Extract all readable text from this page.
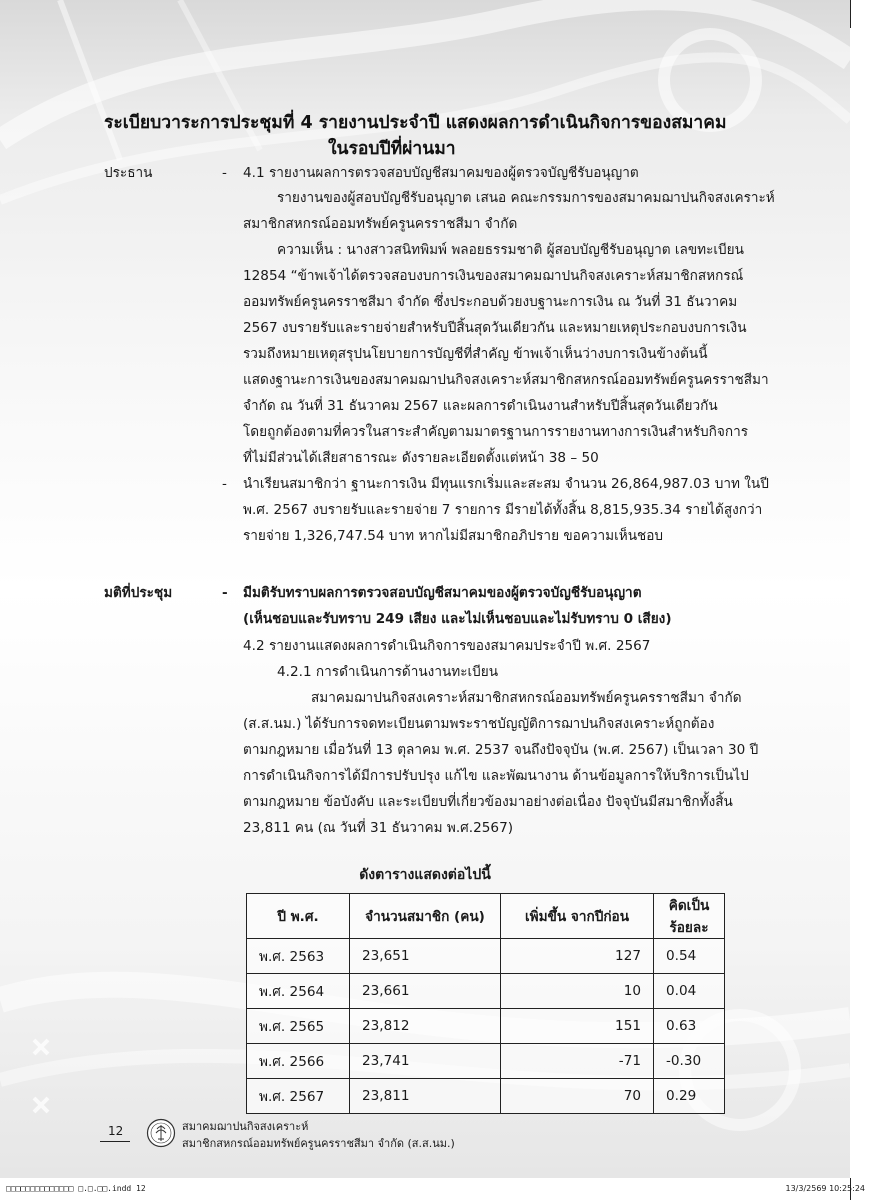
ระเบียบวาระการประชุมที่ 4 รายงานประจำปี แสดงผลการดำเนินกิจการของสมาคม
ในรอบปีที่ผ่านมา
ประธาน	- 4.1 รายงานผลการตรวจสอบบัญชีสมาคมของผู้ตรวจบัญชีรับอนุญาต
รายงานของผู้สอบบัญชีรับอนุญาต เสนอ คณะกรรมการของสมาคมฌาปนกิจสงเคราะห์
สมาชิกสหกรณ์ออมทรัพย์ครูนครราชสีมา จำกัด
ความเห็น : นางสาวสนิทพิมพ์ พลอยธรรมชาติ ผู้สอบบัญชีรับอนุญาต เลขทะเบียน
12854 “ข้าพเจ้าได้ตรวจสอบงบการเงินของสมาคมฌาปนกิจสงเคราะห์สมาชิกสหกรณ์
ออมทรัพย์ครูนครราชสีมา จำกัด ซึ่งประกอบด้วยงบฐานะการเงิน ณ วันที่ 31 ธันวาคม
2567 งบรายรับและรายจ่ายสำหรับปีสิ้นสุดวันเดียวกัน และหมายเหตุประกอบงบการเงิน
รวมถึงหมายเหตุสรุปนโยบายการบัญชีที่สำคัญ ข้าพเจ้าเห็นว่างบการเงินข้างต้นนี้
แสดงฐานะการเงินของสมาคมฌาปนกิจสงเคราะห์สมาชิกสหกรณ์ออมทรัพย์ครูนครราชสีมา
จำกัด ณ วันที่ 31 ธันวาคม 2567 และผลการดำเนินงานสำหรับปีสิ้นสุดวันเดียวกัน
โดยถูกต้องตามที่ควรในสาระสำคัญตามมาตรฐานการรายงานทางการเงินสำหรับกิจการ
ที่ไม่มีส่วนได้เสียสาธารณะ ดังรายละเอียดตั้งแต่หน้า 38 – 50
- นำเรียนสมาชิกว่า ฐานะการเงิน มีทุนแรกเริ่มและสะสม จำนวน 26,864,987.03 บาท ในปี
พ.ศ. 2567 งบรายรับและรายจ่าย 7 รายการ มีรายได้ทั้งสิ้น 8,815,935.34 รายได้สูงกว่า
รายจ่าย 1,326,747.54 บาท หากไม่มีสมาชิกอภิปราย ขอความเห็นชอบ
มติที่ประชุม	- มีมติรับทราบผลการตรวจสอบบัญชีสมาคมของผู้ตรวจบัญชีรับอนุญาต
(เห็นชอบและรับทราบ 249 เสียง และไม่เห็นชอบและไม่รับทราบ 0 เสียง)
4.2 รายงานแสดงผลการดำเนินกิจการของสมาคมประจำปี พ.ศ. 2567
4.2.1 การดำเนินการด้านงานทะเบียน
สมาคมฌาปนกิจสงเคราะห์สมาชิกสหกรณ์ออมทรัพย์ครูนครราชสีมา จำกัด
(ส.ส.นม.) ได้รับการจดทะเบียนตามพระราชบัญญัติการฌาปนกิจสงเคราะห์ถูกต้อง
ตามกฎหมาย เมื่อวันที่ 13 ตุลาคม พ.ศ. 2537 จนถึงปัจจุบัน (พ.ศ. 2567) เป็นเวลา 30 ปี
การดำเนินกิจการได้มีการปรับปรุง แก้ไข และพัฒนางาน ด้านข้อมูลการให้บริการเป็นไป
ตามกฎหมาย ข้อบังคับ และระเบียบที่เกี่ยวข้องมาอย่างต่อเนื่อง ปัจจุบันมีสมาชิกทั้งสิ้น
23,811 คน (ณ วันที่ 31 ธันวาคม พ.ศ.2567)
ดังตารางแสดงต่อไปนี้
ปี พ.ศ.	จำนวนสมาชิก (คน)	เพิ่มขึ้น จากปีก่อน	คิดเป็นร้อยละ
พ.ศ. 2563	23,651	127	0.54
พ.ศ. 2564	23,661	10	0.04
พ.ศ. 2565	23,812	151	0.63
พ.ศ. 2566	23,741	-71	-0.30
พ.ศ. 2567	23,811	70	0.29
12	สมาคมฌาปนกิจสงเคราะห์
สมาชิกสหกรณ์ออมทรัพย์ครูนครราชสีมา จำกัด (ส.ส.นม.)
□□□□□□□□□□□□□□ □.□.□□.indd 12	13/3/2569 10:25:24
